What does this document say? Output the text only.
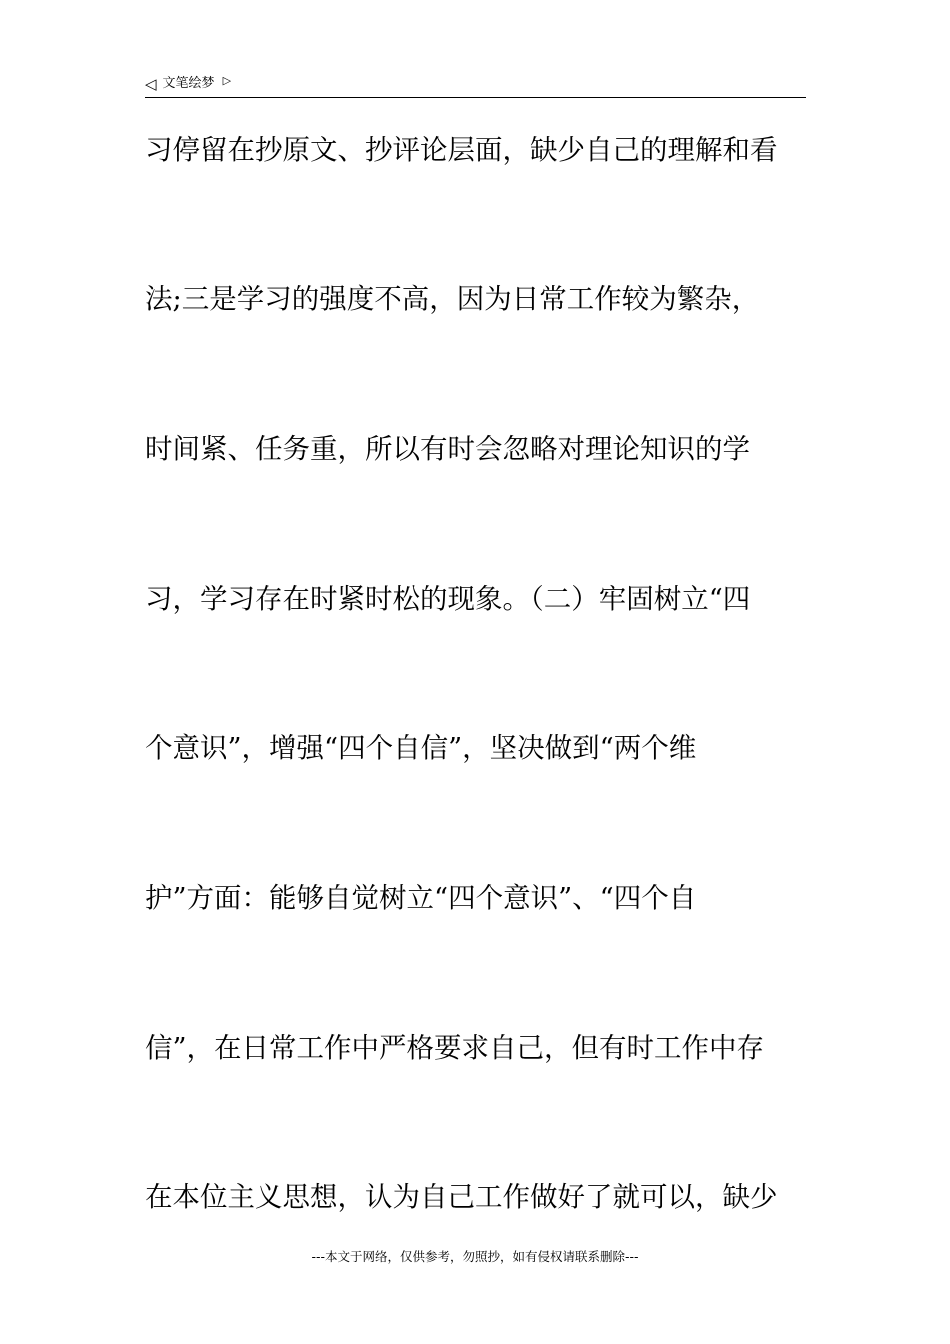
◁ 文笔绘梦 ▷
习停留在抄原文、抄评论层面，缺少自己的理解和看
法;三是学习的强度不高，因为日常工作较为繁杂，
时间紧、任务重，所以有时会忽略对理论知识的学
习，学习存在时紧时松的现象。（二）牢固树立“四
个意识”，增强“四个自信”，坚决做到“两个维
护”方面：能够自觉树立“四个意识”、“四个自
信”，在日常工作中严格要求自己，但有时工作中存
在本位主义思想，认为自己工作做好了就可以，缺少
---本文于网络，仅供参考，勿照抄，如有侵权请联系删除---
